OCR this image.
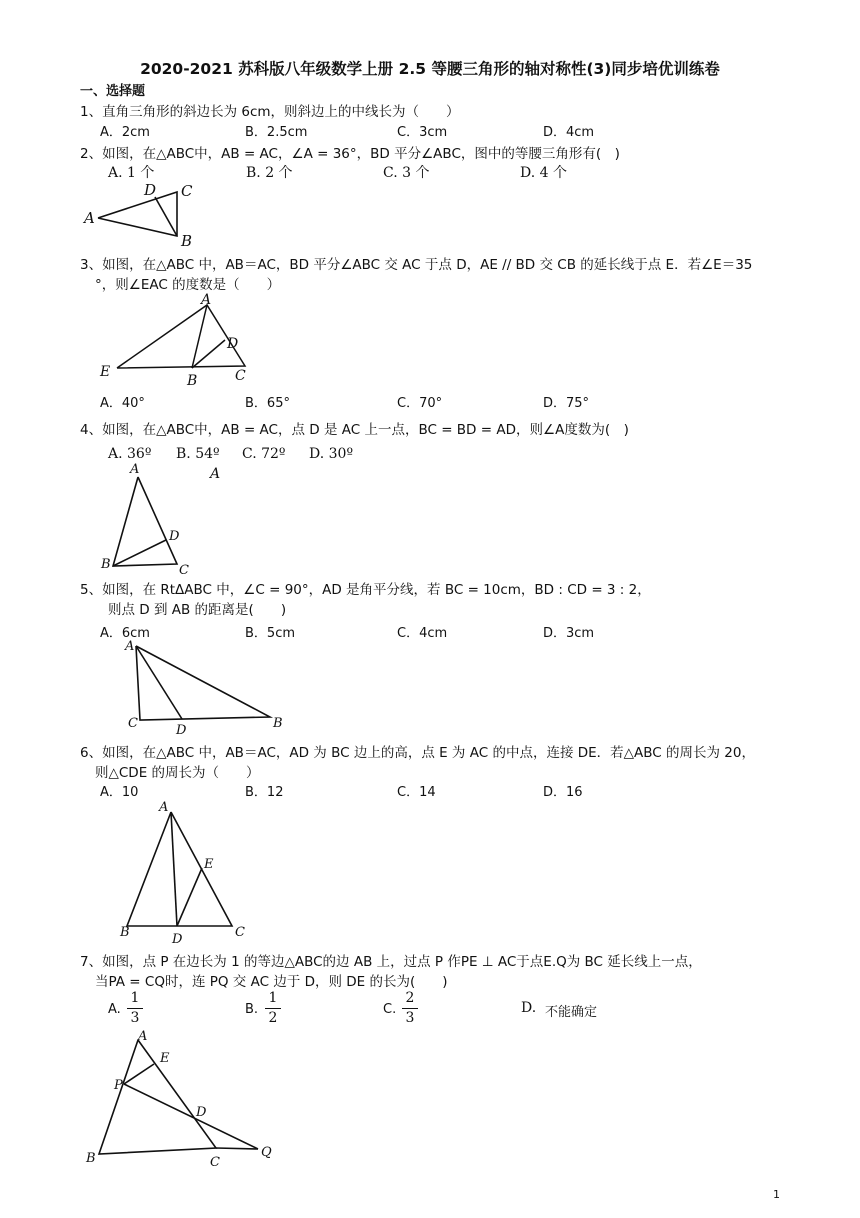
2020-2021 苏科版八年级数学上册 2.5 等腰三角形的轴对称性(3)同步培优训练卷
一、选择题
1、直角三角形的斜边长为 6cm，则斜边上的中线长为（　　）
A．2cm	B．2.5cm	C．3cm	D．4cm
2、如图，在△ABC中，AB = AC，∠A = 36°，BD 平分∠ABC，图中的等腰三角形有(　)
A. 1 个	B. 2 个	C. 3 个	D. 4 个
A
B
C
D
3、如图，在△ABC 中，AB＝AC，BD 平分∠ABC 交 AC 于点 D，AE // BD 交 CB 的延长线于点 E．若∠E＝35
°，则∠EAC 的度数是（　　）
A
B	C
D
E
A．40°	B．65°	C．70°	D．75°
4、如图，在△ABC中，AB = AC，点 D 是 AC 上一点，BC = BD = AD，则∠A度数为(　)
A. 36º B. 54º C. 72º D. 30º
A
A
B	C
D
5、如图，在 RtΔABC 中，∠C = 90°，AD 是角平分线，若 BC = 10cm，BD : CD = 3 : 2，
则点 D 到 AB 的距离是(　　)
A．6cm	B．5cm	C．4cm	D．3cm
A
B
C	D
6、如图，在△ABC 中，AB＝AC，AD 为 BC 边上的高，点 E 为 AC 的中点，连接 DE．若△ABC 的周长为 20，
则△CDE 的周长为（　　）
A．10	B．12	C．14	D．16
A
B	C
D
E
7、如图，点 P 在边长为 1 的等边△ABC的边 AB 上，过点 P 作PE ⊥ AC于点E.Q为 BC 延长线上一点，
当PA = CQ时，连 PQ 交 AC 边于 D，则 DE 的长为(　　)
A.
1
3
B.
1
2
C.
2
3
D. 不能确定
A
B	C
D
E
P
Q
1
